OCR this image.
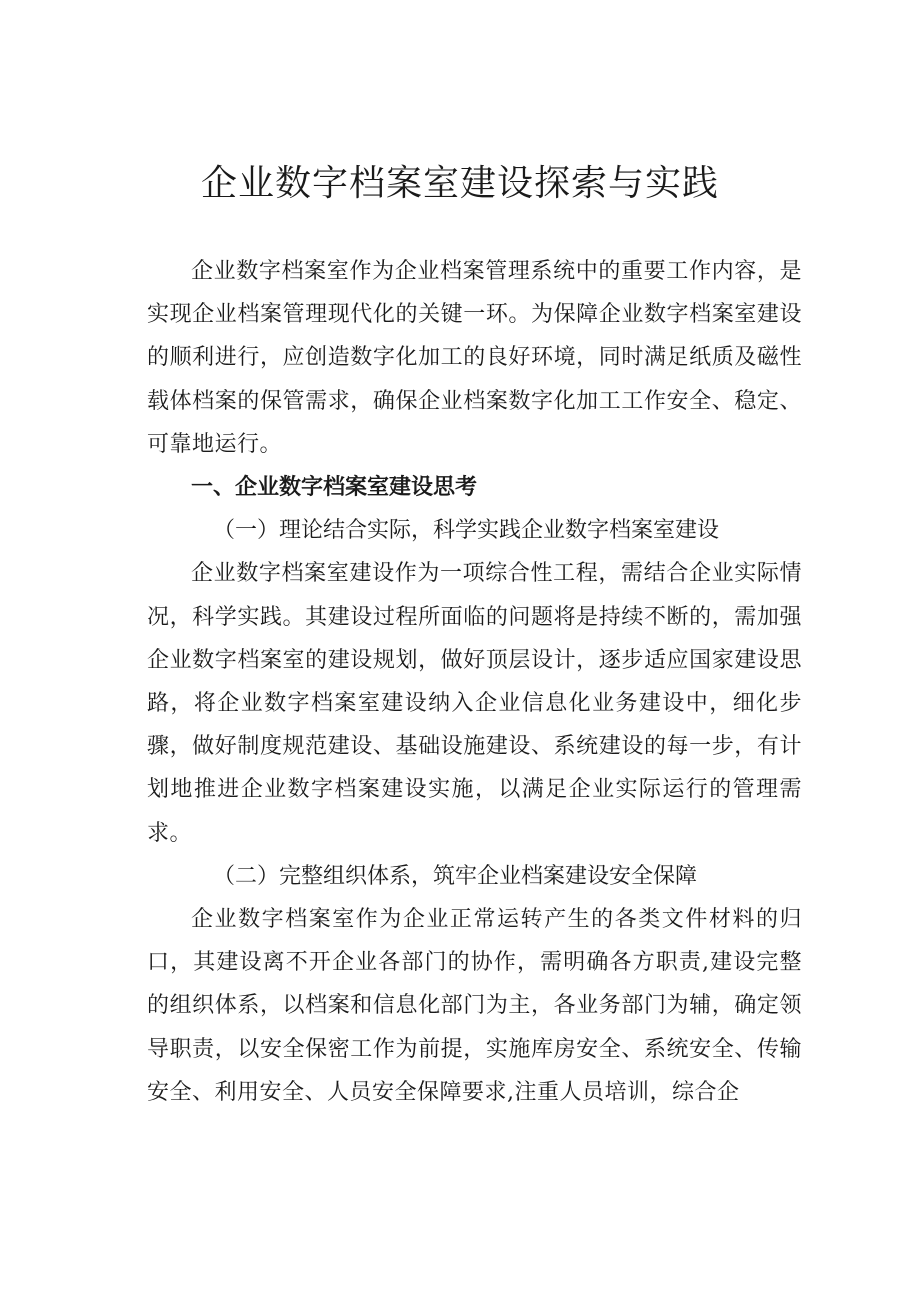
企业数字档案室建设探索与实践

企业数字档案室作为企业档案管理系统中的重要工作内容，是实现企业档案管理现代化的关键一环。为保障企业数字档案室建设的顺利进行，应创造数字化加工的良好环境，同时满足纸质及磁性载体档案的保管需求，确保企业档案数字化加工工作安全、稳定、可靠地运行。

一、企业数字档案室建设思考

（一）理论结合实际，科学实践企业数字档案室建设

企业数字档案室建设作为一项综合性工程，需结合企业实际情况，科学实践。其建设过程所面临的问题将是持续不断的，需加强企业数字档案室的建设规划，做好顶层设计，逐步适应国家建设思路，将企业数字档案室建设纳入企业信息化业务建设中，细化步骤，做好制度规范建设、基础设施建设、系统建设的每一步，有计划地推进企业数字档案建设实施，以满足企业实际运行的管理需求。

（二）完整组织体系，筑牢企业档案建设安全保障

企业数字档案室作为企业正常运转产生的各类文件材料的归口，其建设离不开企业各部门的协作，需明确各方职责,建设完整的组织体系，以档案和信息化部门为主，各业务部门为辅，确定领导职责，以安全保密工作为前提，实施库房安全、系统安全、传输安全、利用安全、人员安全保障要求,注重人员培训，综合企
